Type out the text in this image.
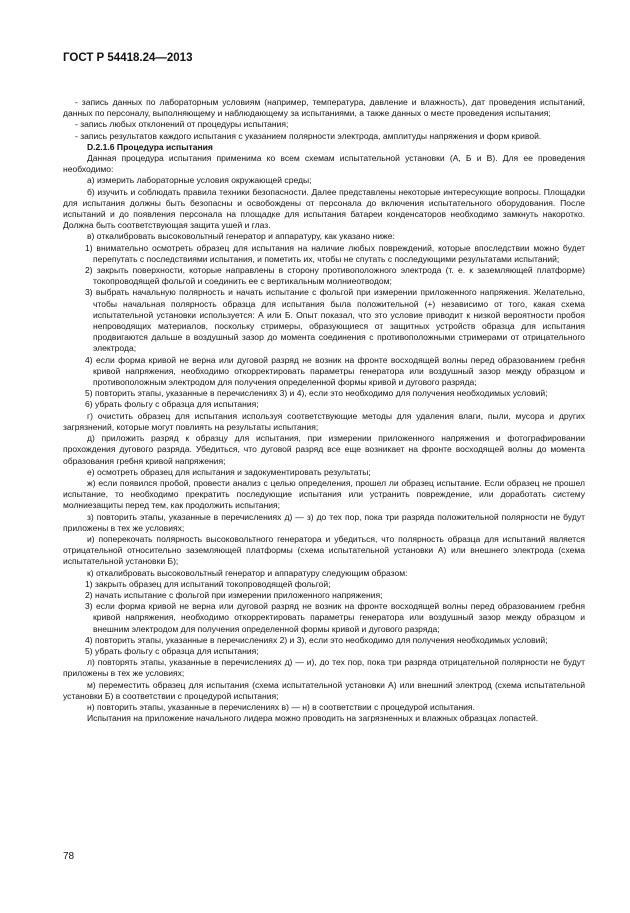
ГОСТ Р 54418.24—2013

- запись данных по лабораторным условиям (например, температура, давление и влажность), дат проведения испытаний, данных по персоналу, выполняющему и наблюдающему за испытаниями, а также данных о месте проведения испытания;

- запись любых отклонений от процедуры испытания;

- запись результатов каждого испытания с указанием полярности электрода, амплитуды напряжения и форм кривой.

D.2.1.6 Процедура испытания

Данная процедура испытания применима ко всем схемам испытательной установки (А, Б и В). Для ее проведения необходимо:

а) измерить лабораторные условия окружающей среды;

б) изучить и соблюдать правила техники безопасности. Далее представлены некоторые интересующие вопросы. Площадки для испытания должны быть безопасны и освобождены от персонала до включения испытательного оборудования. После испытаний и до появления персонала на площадке для испытания батареи конденсаторов необходимо замкнуть накоротко. Должна быть соответствующая защита ушей и глаз.

в) откалибровать высоковольтный генератор и аппаратуру, как указано ниже:

1) внимательно осмотреть образец для испытания на наличие любых повреждений, которые впоследствии можно будет перепутать с последствиями испытания, и пометить их, чтобы не спутать с последующими результатами испытаний;

2) закрыть поверхности, которые направлены в сторону противоположного электрода (т. е. к заземляющей платформе) токопроводящей фольгой и соединить ее с вертикальным молниеотводом;

3) выбрать начальную полярность и начать испытание с фольгой при измерении приложенного напряжения. Желательно, чтобы начальная полярность образца для испытания была положительной (+) независимо от того, какая схема испытательной установки используется: А или Б. Опыт показал, что это условие приводит к низкой вероятности пробоя непроводящих материалов, поскольку стримеры, образующиеся от защитных устройств образца для испытания продвигаются дальше в воздушный зазор до момента соединения с противоположными стримерами от отрицательного электрода;

4) если форма кривой не верна или дуговой разряд не возник на фронте восходящей волны перед образованием гребня кривой напряжения, необходимо откорректировать параметры генератора или воздушный зазор между образцом и противоположным электродом для получения определенной формы кривой и дугового разряда;

5) повторить этапы, указанные в перечислениях 3) и 4), если это необходимо для получения необходимых условий;

6) убрать фольгу с образца для испытания;

г) очистить образец для испытания используя соответствующие методы для удаления влаги, пыли, мусора и других загрязнений, которые могут повлиять на результаты испытания;

д) приложить разряд к образцу для испытания, при измерении приложенного напряжения и фотографировании прохождения дугового разряда. Убедиться, что дуговой разряд все еще возникает на фронте восходящей волны до момента образования гребня кривой напряжения;

е) осмотреть образец для испытания и задокументировать результаты;

ж) если появился пробой, провести анализ с целью определения, прошел ли образец испытание. Если образец не прошел испытание, то необходимо прекратить последующие испытания или устранить повреждение, или доработать систему молниезащиты перед тем, как продолжить испытания;

з) повторить этапы, указанные в перечислениях д) — з) до тех пор, пока три разряда положительной полярности не будут приложены в тех же условиях;

и) поперекочать полярность высоковольтного генератора и убедиться, что полярность образца для испытаний является отрицательной относительно заземляющей платформы (схема испытательной установки А) или внешнего электрода (схема испытательной установки Б);

к) откалибровать высоковольтный генератор и аппаратуру следующим образом:

1) закрыть образец для испытаний токопроводящей фольгой;

2) начать испытание с фольгой при измерении приложенного напряжения;

3) если форма кривой не верна или дуговой разряд не возник на фронте восходящей волны перед образованием гребня кривой напряжения, необходимо откорректировать параметры генератора или воздушный зазор между образцом и внешним электродом для получения определенной формы кривой и дугового разряда;

4) повторить этапы, указанные в перечислениях 2) и 3), если это необходимо для получения необходимых условий;

5) убрать фольгу с образца для испытания;

л) повторять этапы, указанные в перечислениях д) — и), до тех пор, пока три разряда отрицательной полярности не будут приложены в тех же условиях;

м) переместить образец для испытания (схема испытательной установки А) или внешний электрод (схема испытательной установки Б) в соответствии с процедурой испытания;

н) повторить этапы, указанные в перечислениях в) — н) в соответствии с процедурой испытания.

Испытания на приложение начального лидера можно проводить на загрязненных и влажных образцах лопастей.

78
